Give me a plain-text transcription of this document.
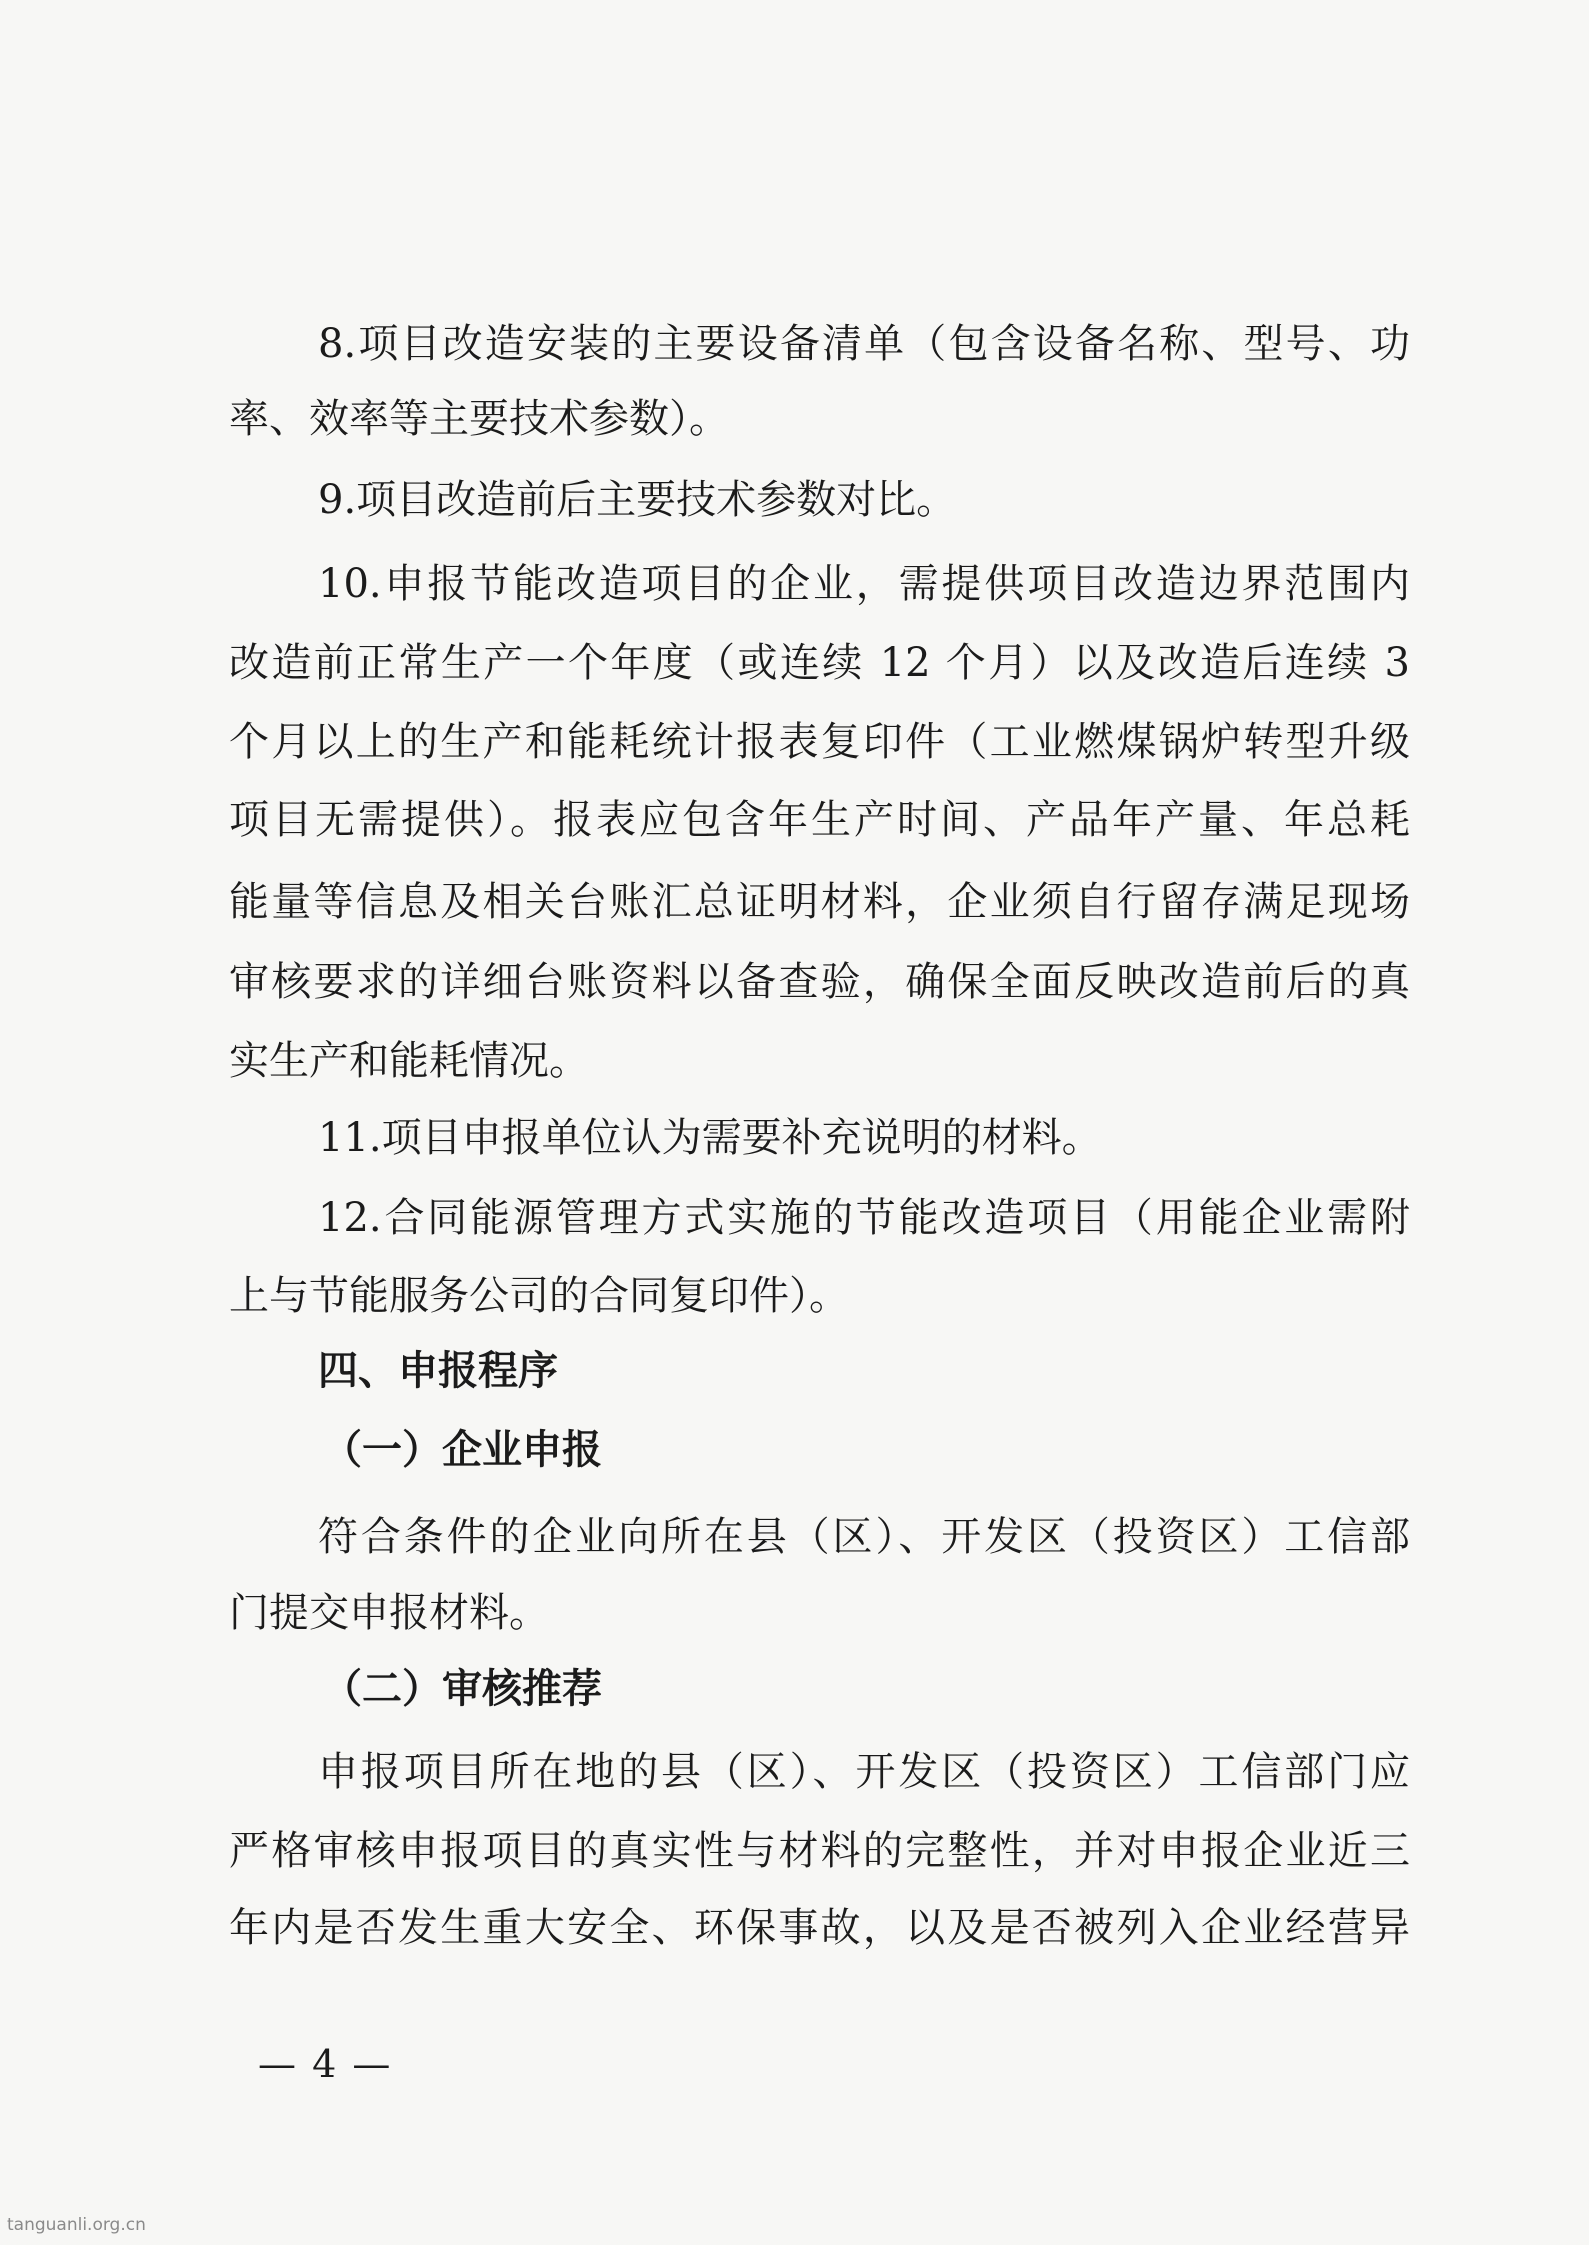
8.项目改造安装的主要设备清单（包含设备名称、型号、功
率、效率等主要技术参数）。
9.项目改造前后主要技术参数对比。
10.申报节能改造项目的企业，需提供项目改造边界范围内
改造前正常生产一个年度（或连续 12 个月）以及改造后连续 3
个月以上的生产和能耗统计报表复印件（工业燃煤锅炉转型升级
项目无需提供）。报表应包含年生产时间、产品年产量、年总耗
能量等信息及相关台账汇总证明材料，企业须自行留存满足现场
审核要求的详细台账资料以备查验，确保全面反映改造前后的真
实生产和能耗情况。
11.项目申报单位认为需要补充说明的材料。
12.合同能源管理方式实施的节能改造项目（用能企业需附
上与节能服务公司的合同复印件）。
四、申报程序
（一）企业申报
符合条件的企业向所在县（区）、开发区（投资区）工信部
门提交申报材料。
（二）审核推荐
申报项目所在地的县（区）、开发区（投资区）工信部门应
严格审核申报项目的真实性与材料的完整性，并对申报企业近三
年内是否发生重大安全、环保事故，以及是否被列入企业经营异
— 4 —
tanguanli.org.cn
